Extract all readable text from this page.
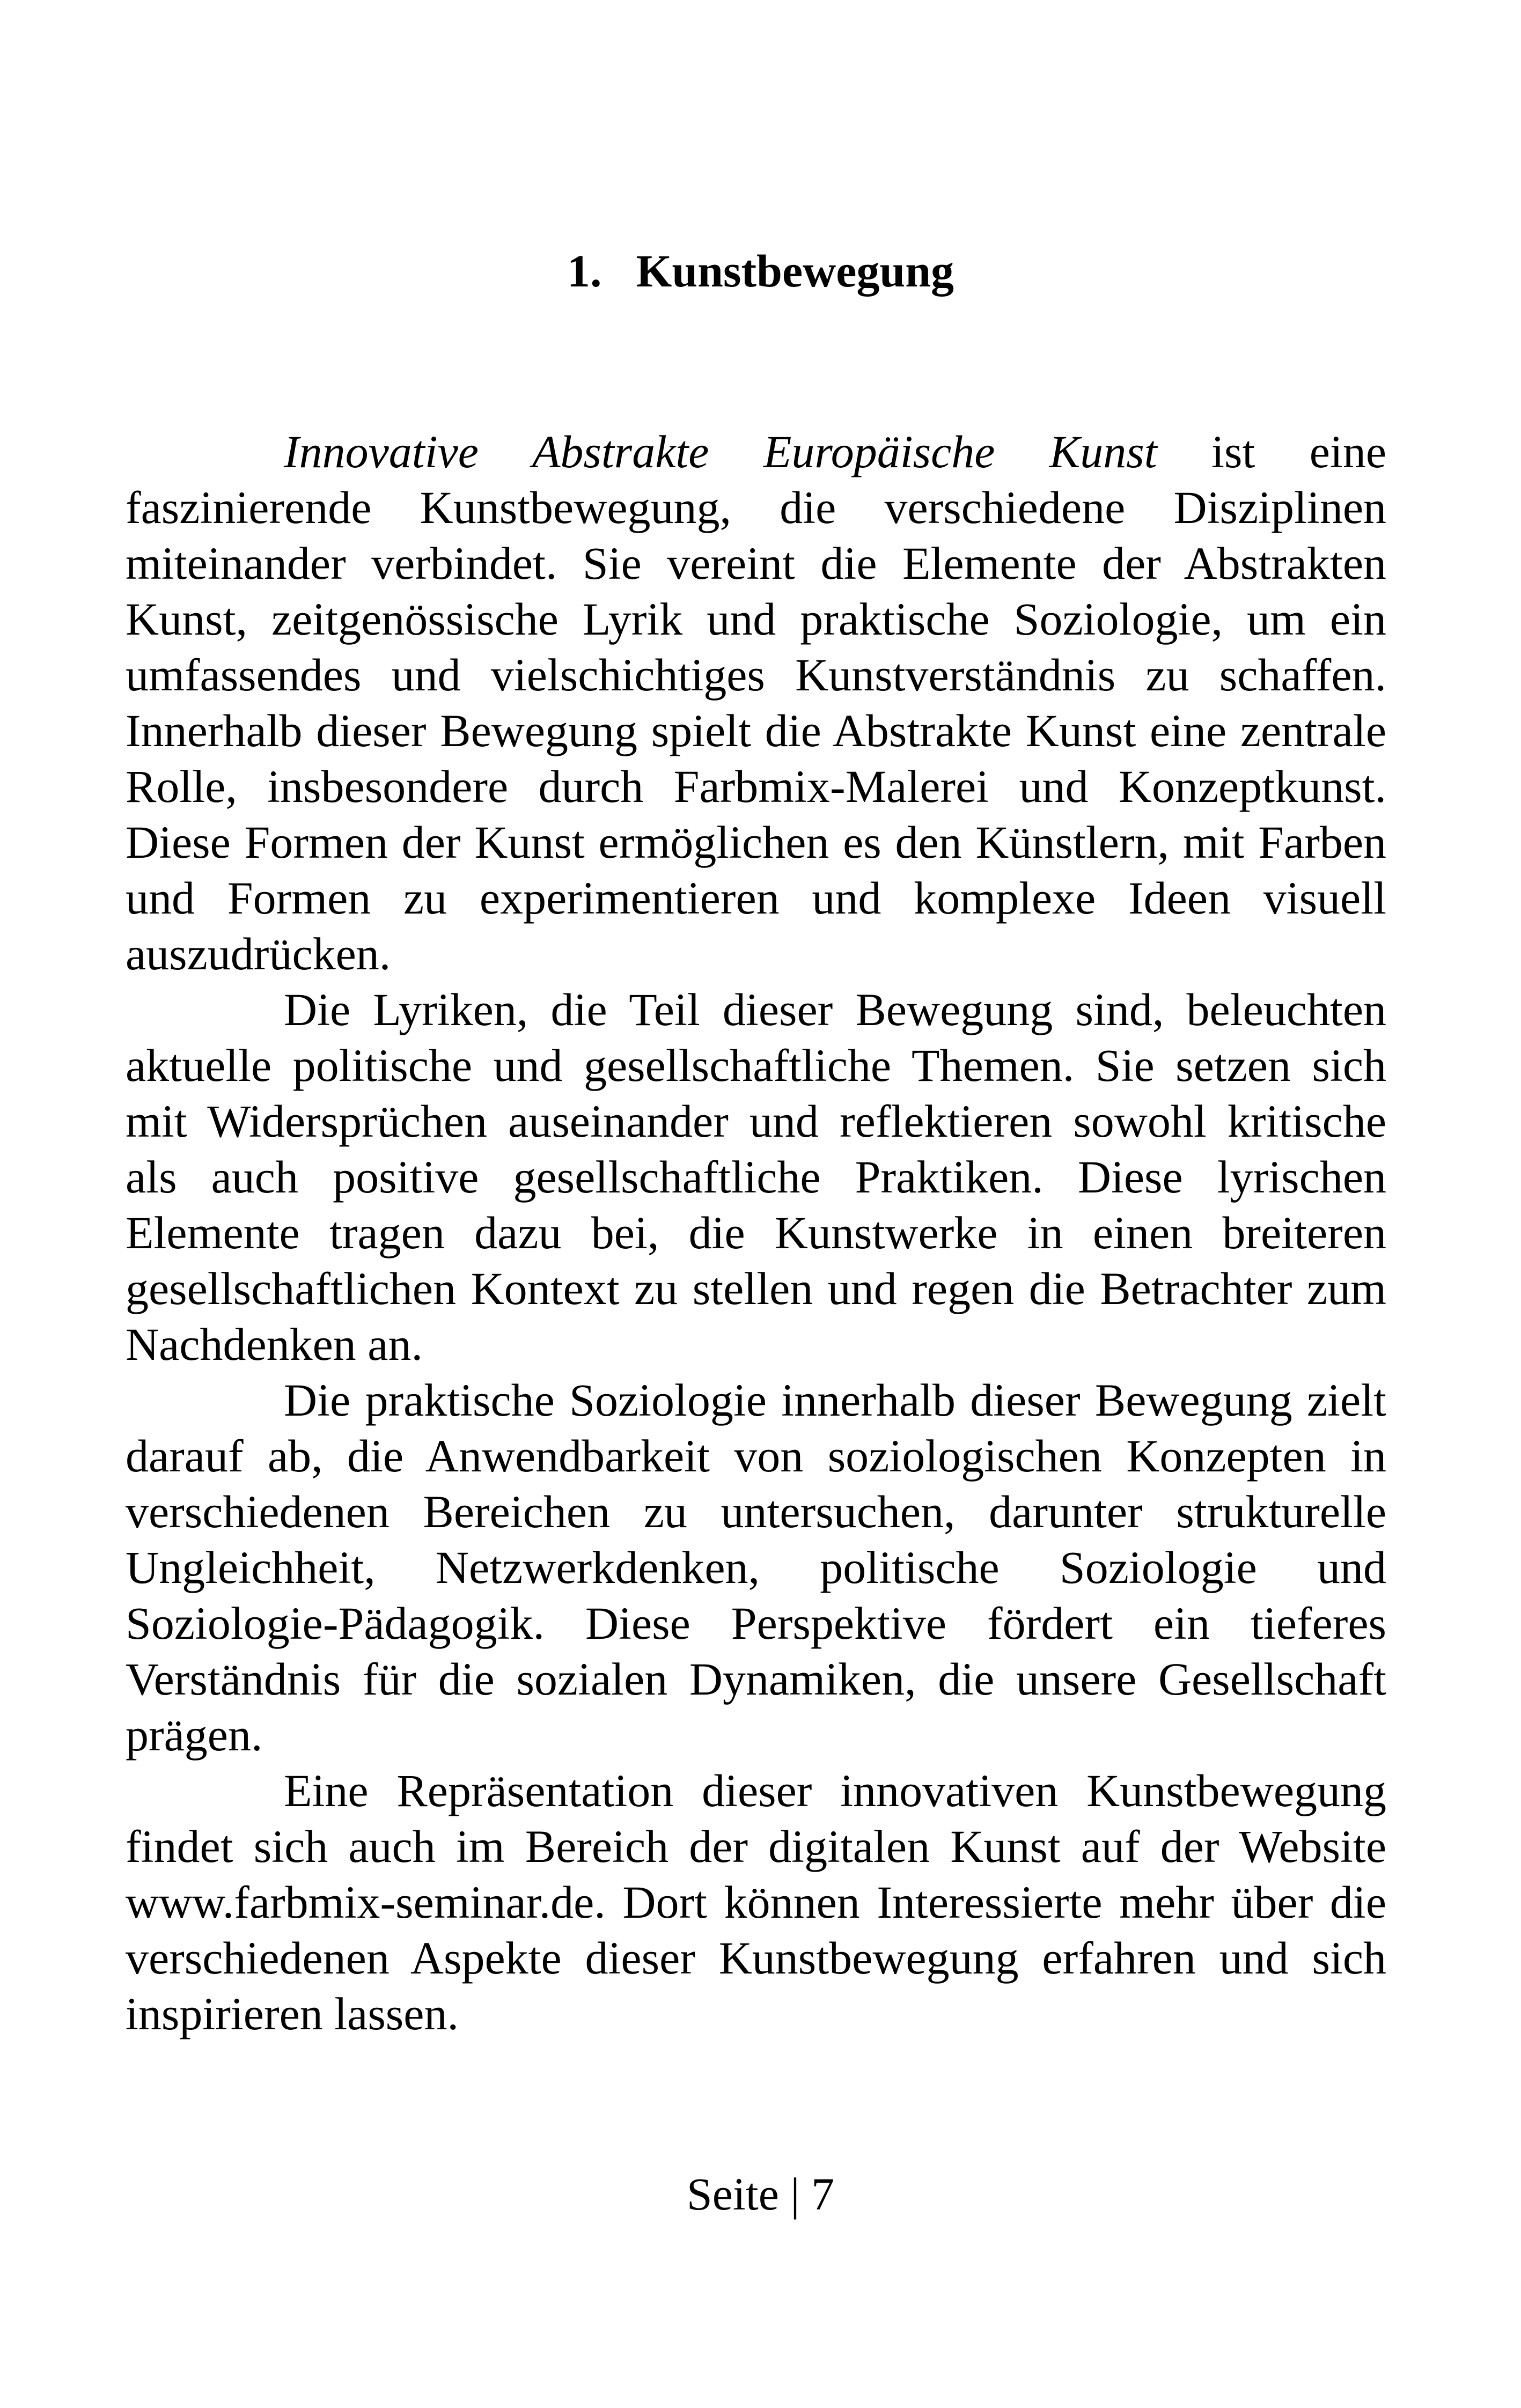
1. Kunstbewegung

Innovative Abstrakte Europäische Kunst ist eine faszinierende Kunstbewegung, die verschiedene Disziplinen miteinander verbindet. Sie vereint die Elemente der Abstrakten Kunst, zeitgenössische Lyrik und praktische Soziologie, um ein umfassendes und vielschichtiges Kunstverständnis zu schaffen. Innerhalb dieser Bewegung spielt die Abstrakte Kunst eine zentrale Rolle, insbesondere durch Farbmix-Malerei und Konzeptkunst. Diese Formen der Kunst ermöglichen es den Künstlern, mit Farben und Formen zu experimentieren und komplexe Ideen visuell auszudrücken.

Die Lyriken, die Teil dieser Bewegung sind, beleuchten aktuelle politische und gesellschaftliche Themen. Sie setzen sich mit Widersprüchen auseinander und reflektieren sowohl kritische als auch positive gesellschaftliche Praktiken. Diese lyrischen Elemente tragen dazu bei, die Kunstwerke in einen breiteren gesellschaftlichen Kontext zu stellen und regen die Betrachter zum Nachdenken an.

Die praktische Soziologie innerhalb dieser Bewegung zielt darauf ab, die Anwendbarkeit von soziologischen Konzepten in verschiedenen Bereichen zu untersuchen, darunter strukturelle Ungleichheit, Netzwerkdenken, politische Soziologie und Soziologie-Pädagogik. Diese Perspektive fördert ein tieferes Verständnis für die sozialen Dynamiken, die unsere Gesellschaft prägen.

Eine Repräsentation dieser innovativen Kunstbewegung findet sich auch im Bereich der digitalen Kunst auf der Website www.farbmix-seminar.de. Dort können Interessierte mehr über die verschiedenen Aspekte dieser Kunstbewegung erfahren und sich inspirieren lassen.

Seite | 7
